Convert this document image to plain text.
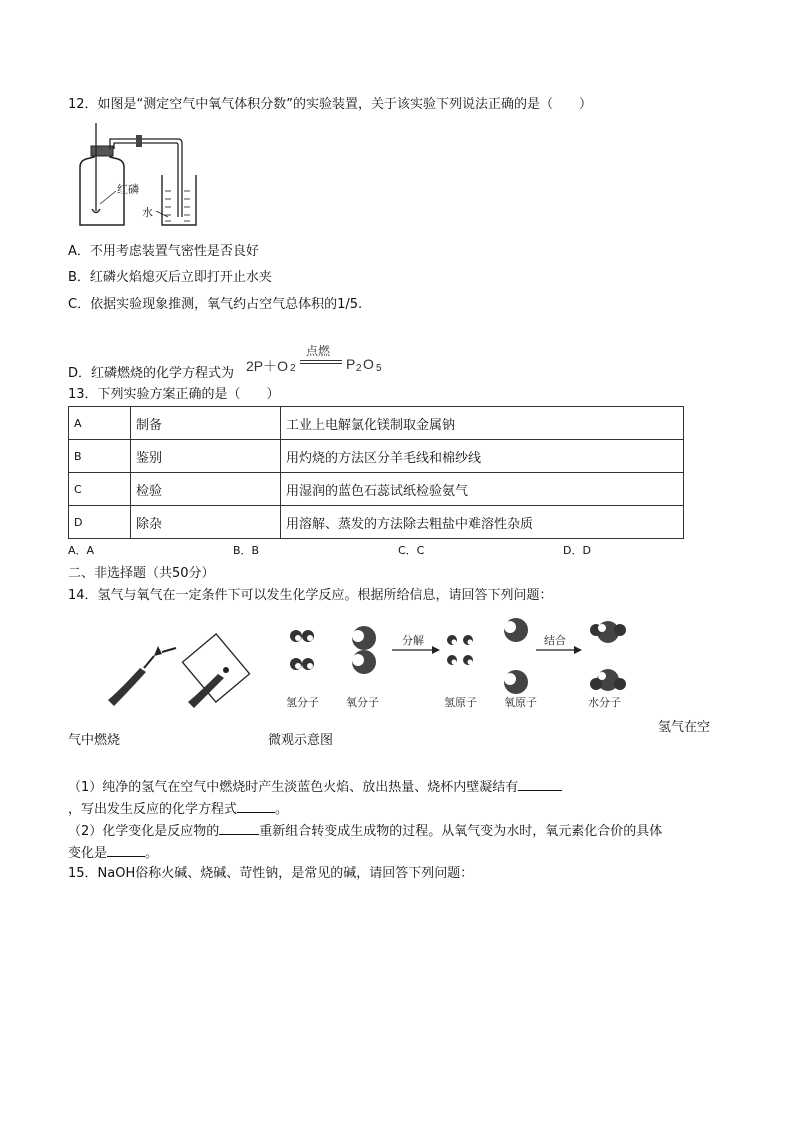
12．如图是“测定空气中氧气体积分数”的实验装置，关于该实验下列说法正确的是（　　）
红磷
水
A．不用考虑装置气密性是否良好
B．红磷火焰熄灭后立即打开止水夹
C．依据实验现象推测，氧气约占空气总体积的1/5.
D．红磷燃烧的化学方程式为 2P＋O 2
点燃
P 2 O 5
13．下列实验方案正确的是（　　）
A	制备	工业上电解氯化镁制取金属钠
B	鉴别	用灼烧的方法区分羊毛线和棉纱线
C	检验	用湿润的蓝色石蕊试纸检验氨气
D	除杂	用溶解、蒸发的方法除去粗盐中难溶性杂质
A．A	B．B	C．C	D．D
二、非选择题（共50分）
14．氢气与氧气在一定条件下可以发生化学反应。根据所给信息，请回答下列问题：
分解	结合
氢分子 氧分子	氢原子 氧原子	水分子
氢气在空
气中燃烧	微观示意图
（1）纯净的氢气在空气中燃烧时产生淡蓝色火焰、放出热量、烧杯内壁凝结有
，写出发生反应的化学方程式	。
（2）化学变化是反应物的	重新组合转变成生成物的过程。从氧气变为水时，氧元素化合价的具体
变化是	。
15．NaOH俗称火碱、烧碱、苛性钠，是常见的碱，请回答下列问题：
